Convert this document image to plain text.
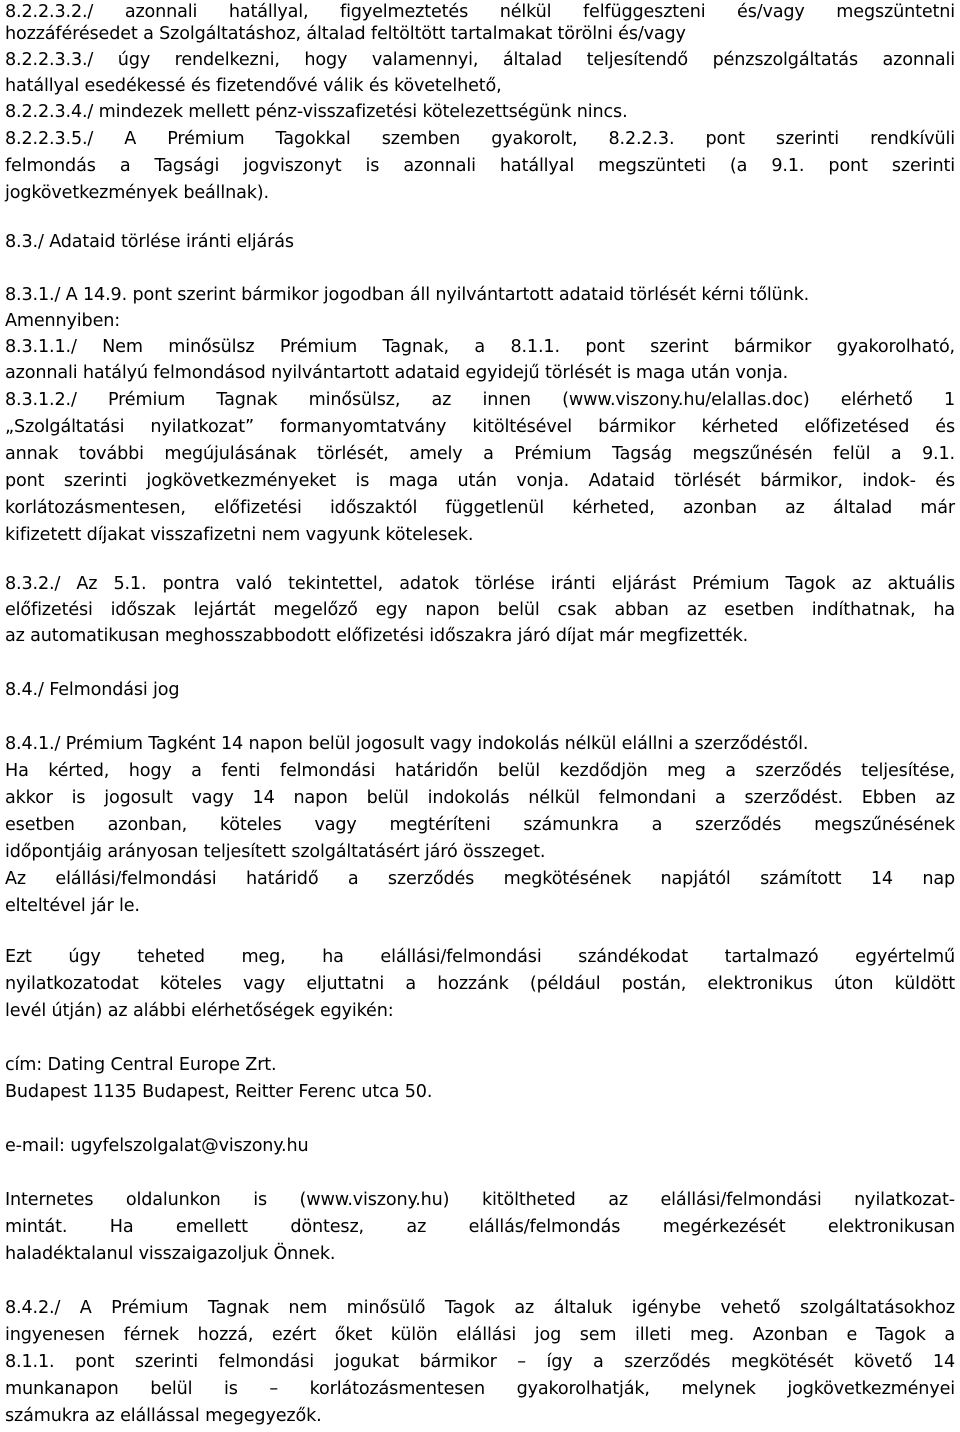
8.2.2.3.2./ azonnali hatállyal, figyelmeztetés nélkül felfüggeszteni és/vagy megszüntetni
hozzáférésedet a Szolgáltatáshoz, általad feltöltött tartalmakat törölni és/vagy
8.2.2.3.3./ úgy rendelkezni, hogy valamennyi, általad teljesítendő pénzszolgáltatás azonnali
hatállyal esedékessé és fizetendővé válik és követelhető,
8.2.2.3.4./ mindezek mellett pénz-visszafizetési kötelezettségünk nincs.
8.2.2.3.5./ A Prémium Tagokkal szemben gyakorolt, 8.2.2.3. pont szerinti rendkívüli
felmondás a Tagsági jogviszonyt is azonnali hatállyal megszünteti (a 9.1. pont szerinti
jogkövetkezmények beállnak).
8.3./ Adataid törlése iránti eljárás
8.3.1./ A 14.9. pont szerint bármikor jogodban áll nyilvántartott adataid törlését kérni tőlünk.
Amennyiben:
8.3.1.1./ Nem minősülsz Prémium Tagnak, a 8.1.1. pont szerint bármikor gyakorolható,
azonnali hatályú felmondásod nyilvántartott adataid egyidejű törlését is maga után vonja.
8.3.1.2./ Prémium Tagnak minősülsz, az innen (www.viszony.hu/elallas.doc) elérhető 1
„Szolgáltatási nyilatkozat” formanyomtatvány kitöltésével bármikor kérheted előfizetésed és
annak további megújulásának törlését, amely a Prémium Tagság megszűnésén felül a 9.1.
pont szerinti jogkövetkezményeket is maga után vonja. Adataid törlését bármikor, indok- és
korlátozásmentesen, előfizetési időszaktól függetlenül kérheted, azonban az általad már
kifizetett díjakat visszafizetni nem vagyunk kötelesek.
8.3.2./ Az 5.1. pontra való tekintettel, adatok törlése iránti eljárást Prémium Tagok az aktuális
előfizetési időszak lejártát megelőző egy napon belül csak abban az esetben indíthatnak, ha
az automatikusan meghosszabbodott előfizetési időszakra járó díjat már megfizették.
8.4./ Felmondási jog
8.4.1./ Prémium Tagként 14 napon belül jogosult vagy indokolás nélkül elállni a szerződéstől.
Ha kérted, hogy a fenti felmondási határidőn belül kezdődjön meg a szerződés teljesítése,
akkor is jogosult vagy 14 napon belül indokolás nélkül felmondani a szerződést. Ebben az
esetben azonban, köteles vagy megtéríteni számunkra a szerződés megszűnésének
időpontjáig arányosan teljesített szolgáltatásért járó összeget.
Az elállási/felmondási határidő a szerződés megkötésének napjától számított 14 nap
elteltével jár le.
Ezt úgy teheted meg, ha elállási/felmondási szándékodat tartalmazó egyértelmű
nyilatkozatodat köteles vagy eljuttatni a hozzánk (például postán, elektronikus úton küldött
levél útján) az alábbi elérhetőségek egyikén:
cím: Dating Central Europe Zrt.
Budapest 1135 Budapest, Reitter Ferenc utca 50.
e-mail: ugyfelszolgalat@viszony.hu
Internetes oldalunkon is (www.viszony.hu) kitöltheted az elállási/felmondási nyilatkozat-
mintát. Ha emellett döntesz, az elállás/felmondás megérkezését elektronikusan
haladéktalanul visszaigazoljuk Önnek.
8.4.2./ A Prémium Tagnak nem minősülő Tagok az általuk igénybe vehető szolgáltatásokhoz
ingyenesen férnek hozzá, ezért őket külön elállási jog sem illeti meg. Azonban e Tagok a
8.1.1. pont szerinti felmondási jogukat bármikor – így a szerződés megkötését követő 14
munkanapon belül is – korlátozásmentesen gyakorolhatják, melynek jogkövetkezményei
számukra az elállással megegyezők.
